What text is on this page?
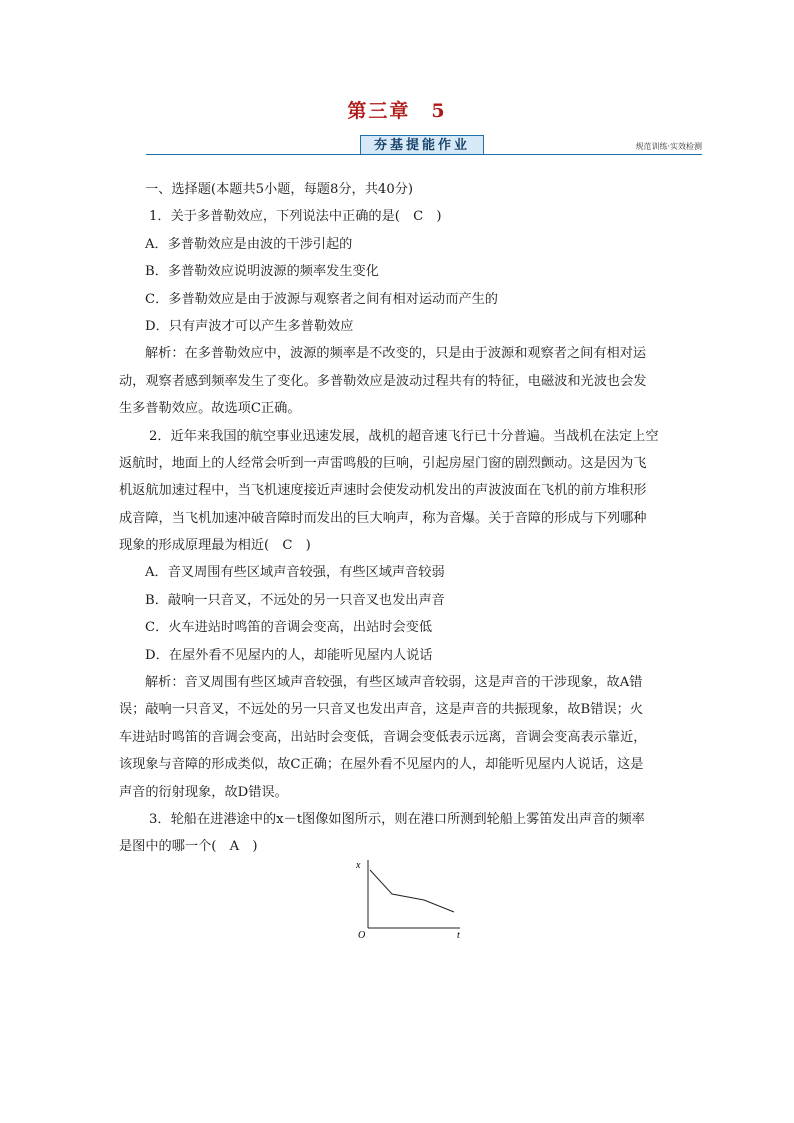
第三章　5
夯基提能作业	规范训练·实效检测
一、选择题(本题共5小题，每题8分，共40分)
1．关于多普勒效应，下列说法中正确的是(　C　)
A．多普勒效应是由波的干涉引起的
B．多普勒效应说明波源的频率发生变化
C．多普勒效应是由于波源与观察者之间有相对运动而产生的
D．只有声波才可以产生多普勒效应
解析：在多普勒效应中，波源的频率是不改变的，只是由于波源和观察者之间有相对运
动，观察者感到频率发生了变化。多普勒效应是波动过程共有的特征，电磁波和光波也会发
生多普勒效应。故选项C正确。
2．近年来我国的航空事业迅速发展，战机的超音速飞行已十分普遍。当战机在法定上空
返航时，地面上的人经常会听到一声雷鸣般的巨响，引起房屋门窗的剧烈颤动。这是因为飞
机返航加速过程中，当飞机速度接近声速时会使发动机发出的声波波面在飞机的前方堆积形
成音障，当飞机加速冲破音障时而发出的巨大响声，称为音爆。关于音障的形成与下列哪种
现象的形成原理最为相近(　C　)
A．音叉周围有些区域声音较强，有些区域声音较弱
B．敲响一只音叉，不远处的另一只音叉也发出声音
C．火车进站时鸣笛的音调会变高，出站时会变低
D．在屋外看不见屋内的人，却能听见屋内人说话
解析：音叉周围有些区域声音较强，有些区域声音较弱，这是声音的干涉现象，故A错
误；敲响一只音叉，不远处的另一只音叉也发出声音，这是声音的共振现象，故B错误；火
车进站时鸣笛的音调会变高，出站时会变低，音调会变低表示远离，音调会变高表示靠近，
该现象与音障的形成类似，故C正确；在屋外看不见屋内的人，却能听见屋内人说话，这是
声音的衍射现象，故D错误。
3．轮船在进港途中的x－t图像如图所示，则在港口所测到轮船上雾笛发出声音的频率
是图中的哪一个(　A　)
x
t
O
